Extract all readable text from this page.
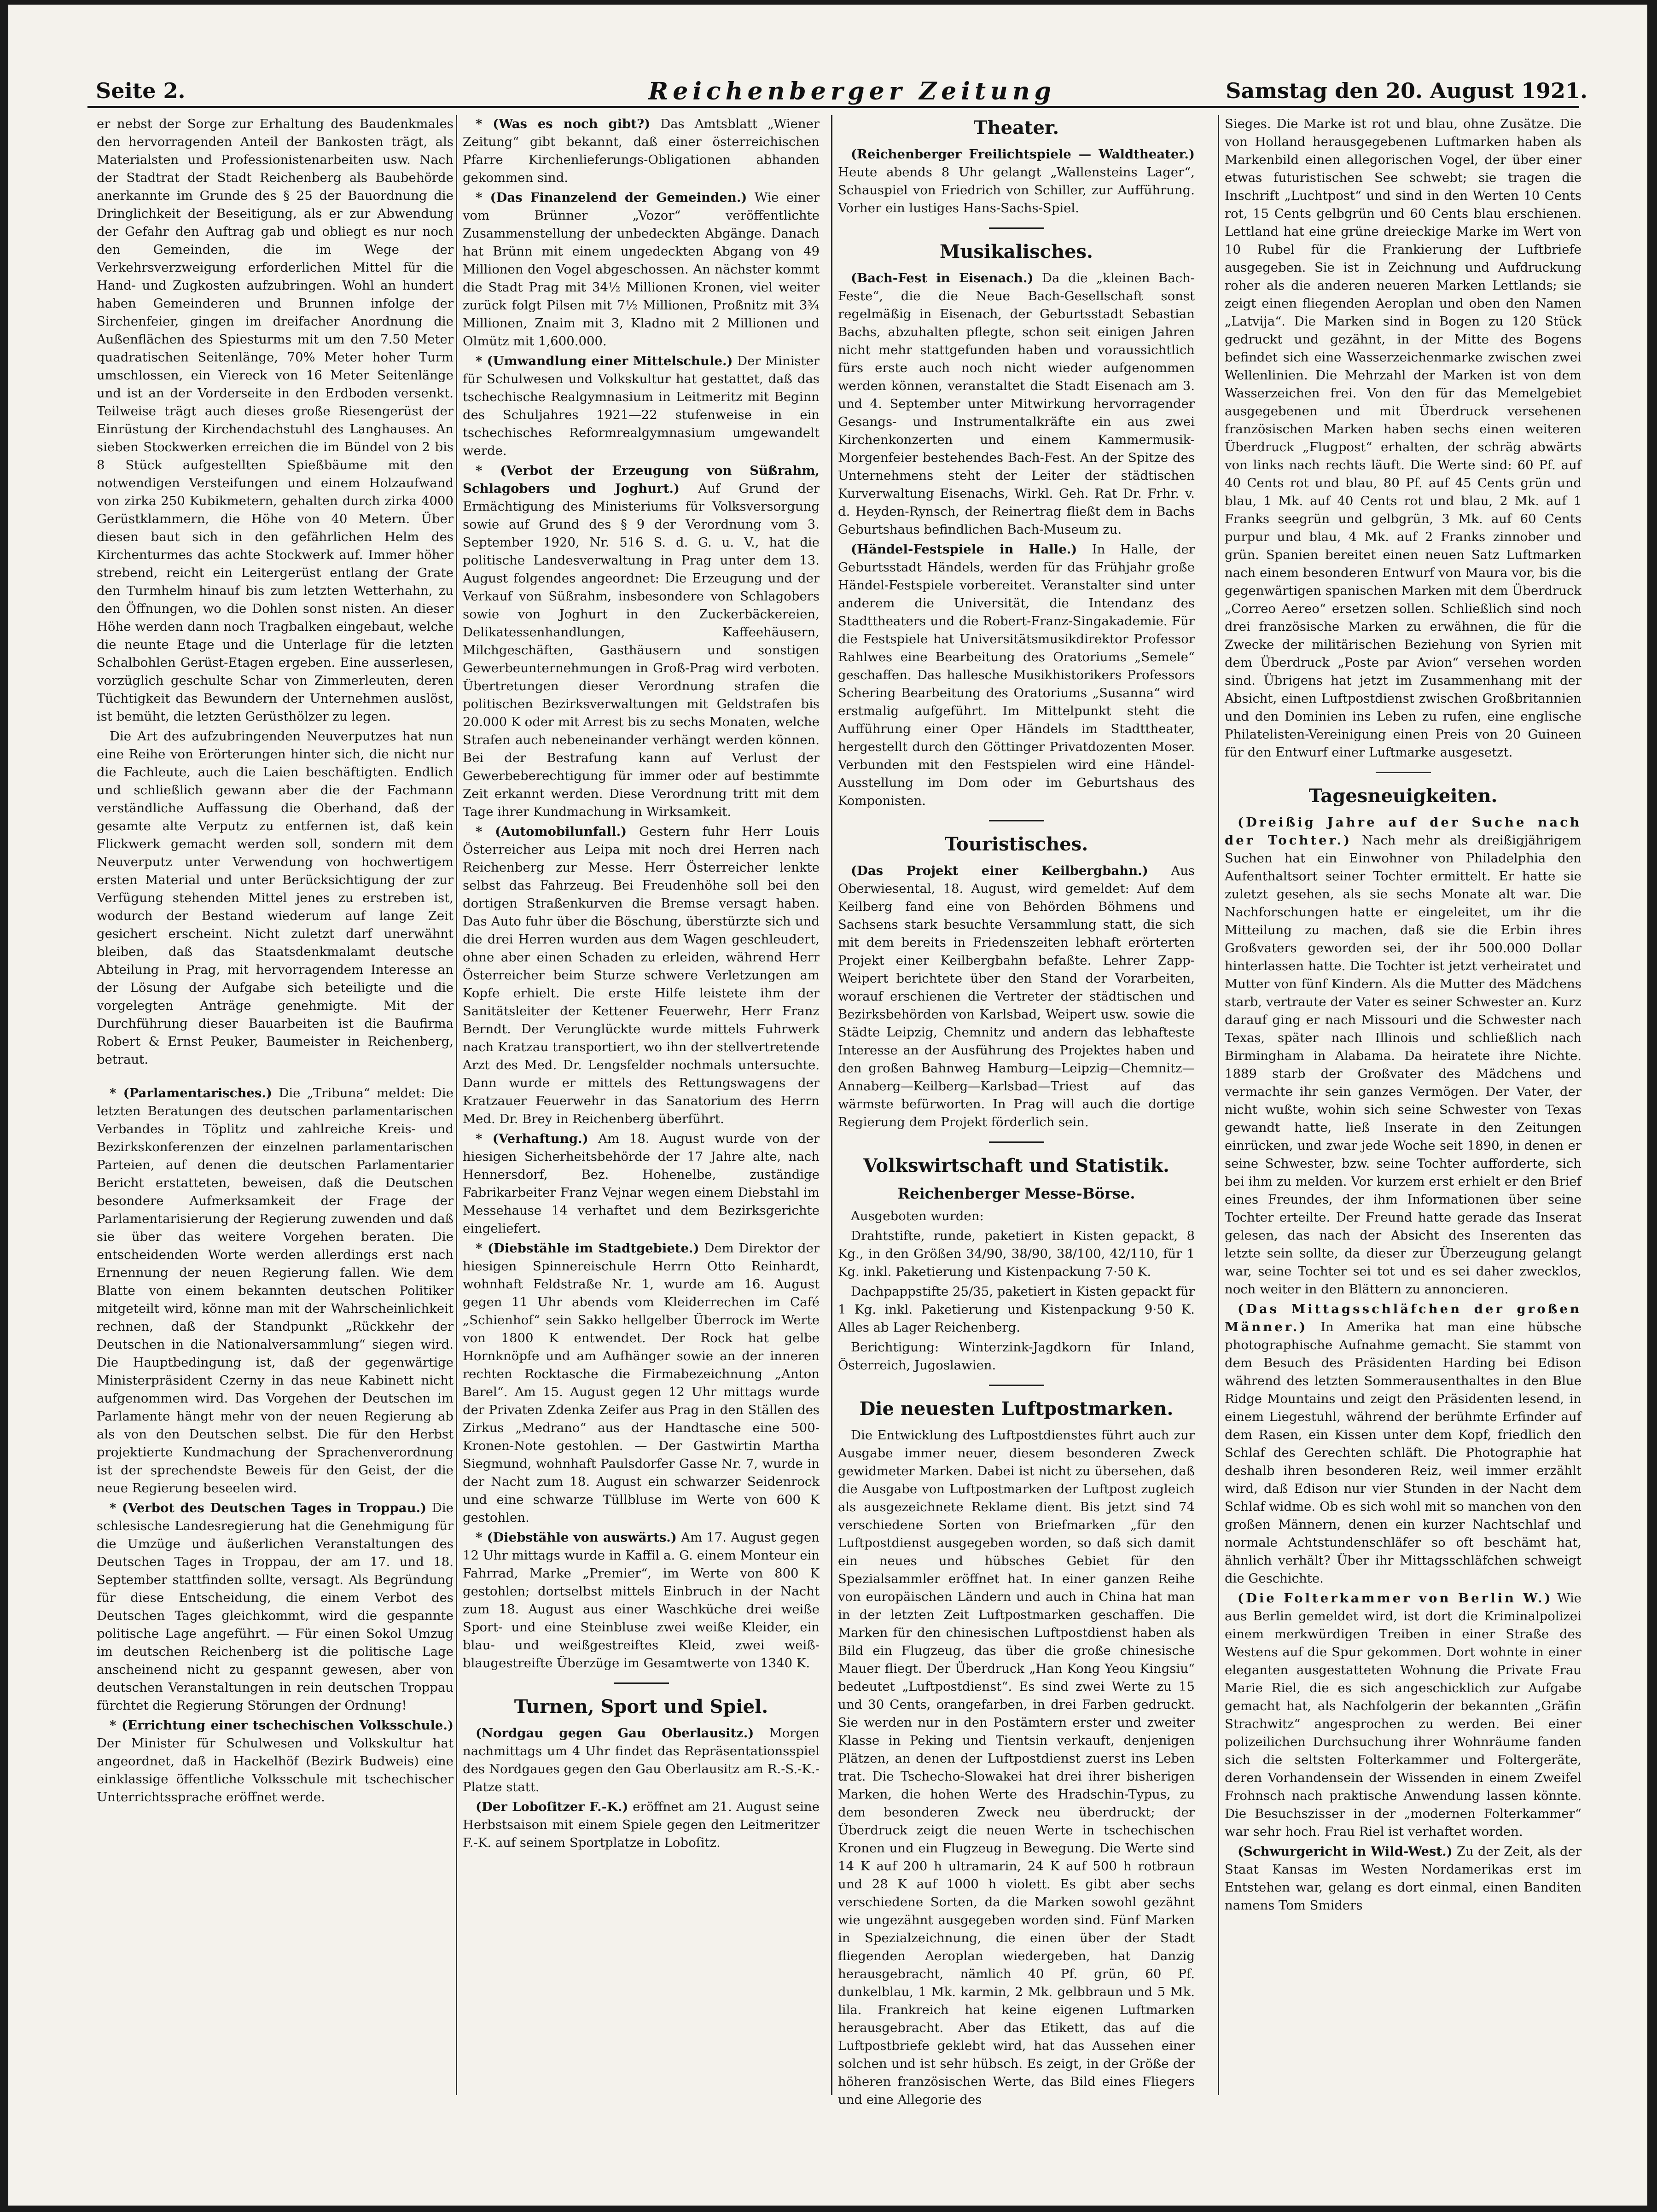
Seite 2.	Reichenberger Zeitung	Samstag den 20. August 1921.

er nebst der Sorge zur Erhaltung des Baudenkmales den hervorragenden Anteil der Bankosten trägt, als Materialsten und Professionistenarbeiten usw. Nach der Stadtrat der Stadt Reichenberg als Baubehörde anerkannte im Grunde des § 25 der Bauordnung die Dringlichkeit der Beseitigung, als er zur Abwendung der Gefahr den Auftrag gab und obliegt es nur noch den Gemeinden, die im Wege der Verkehrsverzweigung erforderlichen Mittel für die Hand- und Zugkosten aufzubringen. Wohl an hundert haben Gemeinderen und Brunnen infolge der Sirchenfeier, gingen im dreifacher Anordnung die Außenflächen des Spiesturms mit um den 7.50 Meter quadratischen Seitenlänge, 70% Meter hoher Turm umschlossen, ein Viereck von 16 Meter Seitenlänge und ist an der Vorderseite in den Erdboden versenkt. Teilweise trägt auch dieses große Riesengerüst der Einrüstung der Kirchendachstuhl des Langhauses. An sieben Stockwerken erreichen die im Bündel von 2 bis 8 Stück aufgestellten Spießbäume mit den notwendigen Versteifungen und einem Holzaufwand von zirka 250 Kubikmetern, gehalten durch zirka 4000 Gerüstklammern, die Höhe von 40 Metern. Über diesen baut sich in den gefährlichen Helm des Kirchenturmes das achte Stockwerk auf. Immer höher strebend, reicht ein Leitergerüst entlang der Grate den Turmhelm hinauf bis zum letzten Wetterhahn, zu den Öffnungen, wo die Dohlen sonst nisten. An dieser Höhe werden dann noch Tragbalken eingebaut, welche die neunte Etage und die Unterlage für die letzten Schalbohlen Gerüst-Etagen ergeben. Eine ausserlesen, vorzüglich geschulte Schar von Zimmerleuten, deren Tüchtigkeit das Bewundern der Unternehmen auslöst, ist bemüht, die letzten Gerüsthölzer zu legen.

Die Art des aufzubringenden Neuverputzes hat nun eine Reihe von Erörterungen hinter sich, die nicht nur die Fachleute, auch die Laien beschäftigten. Endlich und schließlich gewann aber die der Fachmann verständliche Auffassung die Oberhand, daß der gesamte alte Verputz zu entfernen ist, daß kein Flickwerk gemacht werden soll, sondern mit dem Neuverputz unter Verwendung von hochwertigem ersten Material und unter Berücksichtigung der zur Verfügung stehenden Mittel jenes zu erstreben ist, wodurch der Bestand wiederum auf lange Zeit gesichert erscheint. Nicht zuletzt darf unerwähnt bleiben, daß das Staatsdenkmalamt deutsche Abteilung in Prag, mit hervorragendem Interesse an der Lösung der Aufgabe sich beteiligte und die vorgelegten Anträge genehmigte. Mit der Durchführung dieser Bauarbeiten ist die Baufirma Robert & Ernst Peuker, Baumeister in Reichenberg, betraut.

* (Parlamentarisches.) Die „Tribuna“ meldet: Die letzten Beratungen des deutschen parlamentarischen Verbandes in Töplitz und zahlreiche Kreis- und Bezirkskonferenzen der einzelnen parlamentarischen Parteien, auf denen die deutschen Parlamentarier Bericht erstatteten, beweisen, daß die Deutschen besondere Aufmerksamkeit der Frage der Parlamentarisierung der Regierung zuwenden und daß sie über das weitere Vorgehen beraten. Die entscheidenden Worte werden allerdings erst nach Ernennung der neuen Regierung fallen. Wie dem Blatte von einem bekannten deutschen Politiker mitgeteilt wird, könne man mit der Wahrscheinlichkeit rechnen, daß der Standpunkt „Rückkehr der Deutschen in die Nationalversammlung“ siegen wird. Die Hauptbedingung ist, daß der gegenwärtige Ministerpräsident Czerny in das neue Kabinett nicht aufgenommen wird. Das Vorgehen der Deutschen im Parlamente hängt mehr von der neuen Regierung ab als von den Deutschen selbst. Die für den Herbst projektierte Kundmachung der Sprachenverordnung ist der sprechendste Beweis für den Geist, der die neue Regierung beseelen wird.

* (Verbot des Deutschen Tages in Troppau.) Die schlesische Landesregierung hat die Genehmigung für die Umzüge und äußerlichen Veranstaltungen des Deutschen Tages in Troppau, der am 17. und 18. September stattfinden sollte, versagt. Als Begründung für diese Entscheidung, die einem Verbot des Deutschen Tages gleichkommt, wird die gespannte politische Lage angeführt. — Für einen Sokol Umzug im deutschen Reichenberg ist die politische Lage anscheinend nicht zu gespannt gewesen, aber von deutschen Veranstaltungen in rein deutschen Troppau fürchtet die Regierung Störungen der Ordnung!

* (Errichtung einer tschechischen Volksschule.) Der Minister für Schulwesen und Volkskultur hat angeordnet, daß in Hackelhöf (Bezirk Budweis) eine einklassige öffentliche Volksschule mit tschechischer Unterrichtssprache eröffnet werde.

* (Was es noch gibt?) Das Amtsblatt „Wiener Zeitung“ gibt bekannt, daß einer österreichischen Pfarre Kirchenlieferungs-Obligationen abhanden gekommen sind.

* (Das Finanzelend der Gemeinden.) Wie einer vom Brünner „Vozor“ veröffentlichte Zusammenstellung der unbedeckten Abgänge. Danach hat Brünn mit einem ungedeckten Abgang von 49 Millionen den Vogel abgeschossen. An nächster kommt die Stadt Prag mit 34½ Millionen Kronen, viel weiter zurück folgt Pilsen mit 7½ Millionen, Proßnitz mit 3¾ Millionen, Znaim mit 3, Kladno mit 2 Millionen und Olmütz mit 1,600.000.

* (Umwandlung einer Mittelschule.) Der Minister für Schulwesen und Volkskultur hat gestattet, daß das tschechische Realgymnasium in Leitmeritz mit Beginn des Schuljahres 1921—22 stufenweise in ein tschechisches Reformrealgymnasium umgewandelt werde.

* (Verbot der Erzeugung von Süßrahm, Schlagobers und Joghurt.) Auf Grund der Ermächtigung des Ministeriums für Volksversorgung sowie auf Grund des § 9 der Verordnung vom 3. September 1920, Nr. 516 S. d. G. u. V., hat die politische Landesverwaltung in Prag unter dem 13. August folgendes angeordnet: Die Erzeugung und der Verkauf von Süßrahm, insbesondere von Schlagobers sowie von Joghurt in den Zuckerbäckereien, Delikatessenhandlungen, Kaffeehäusern, Milchgeschäften, Gasthäusern und sonstigen Gewerbeunternehmungen in Groß-Prag wird verboten. Übertretungen dieser Verordnung strafen die politischen Bezirksverwaltungen mit Geldstrafen bis 20.000 K oder mit Arrest bis zu sechs Monaten, welche Strafen auch nebeneinander verhängt werden können. Bei der Bestrafung kann auf Verlust der Gewerbeberechtigung für immer oder auf bestimmte Zeit erkannt werden. Diese Verordnung tritt mit dem Tage ihrer Kundmachung in Wirksamkeit.

* (Automobilunfall.) Gestern fuhr Herr Louis Österreicher aus Leipa mit noch drei Herren nach Reichenberg zur Messe. Herr Österreicher lenkte selbst das Fahrzeug. Bei Freudenhöhe soll bei den dortigen Straßenkurven die Bremse versagt haben. Das Auto fuhr über die Böschung, überstürzte sich und die drei Herren wurden aus dem Wagen geschleudert, ohne aber einen Schaden zu erleiden, während Herr Österreicher beim Sturze schwere Verletzungen am Kopfe erhielt. Die erste Hilfe leistete ihm der Sanitätsleiter der Kettener Feuerwehr, Herr Franz Berndt. Der Verunglückte wurde mittels Fuhrwerk nach Kratzau transportiert, wo ihn der stellvertretende Arzt des Med. Dr. Lengsfelder nochmals untersuchte. Dann wurde er mittels des Rettungswagens der Kratzauer Feuerwehr in das Sanatorium des Herrn Med. Dr. Brey in Reichenberg überführt.

* (Verhaftung.) Am 18. August wurde von der hiesigen Sicherheitsbehörde der 17 Jahre alte, nach Hennersdorf, Bez. Hohenelbe, zuständige Fabrikarbeiter Franz Vejnar wegen einem Diebstahl im Messehause 14 verhaftet und dem Bezirksgerichte eingeliefert.

* (Diebstähle im Stadtgebiete.) Dem Direktor der hiesigen Spinnereischule Herrn Otto Reinhardt, wohnhaft Feldstraße Nr. 1, wurde am 16. August gegen 11 Uhr abends vom Kleiderrechen im Café „Schienhof“ sein Sakko hellgelber Überrock im Werte von 1800 K entwendet. Der Rock hat gelbe Hornknöpfe und am Aufhänger sowie an der inneren rechten Rocktasche die Firmabezeichnung „Anton Barel“. Am 15. August gegen 12 Uhr mittags wurde der Privaten Zdenka Zeifer aus Prag in den Ställen des Zirkus „Medrano“ aus der Handtasche eine 500-Kronen-Note gestohlen. — Der Gastwirtin Martha Siegmund, wohnhaft Paulsdorfer Gasse Nr. 7, wurde in der Nacht zum 18. August ein schwarzer Seidenrock und eine schwarze Tüllbluse im Werte von 600 K gestohlen.

* (Diebstähle von auswärts.) Am 17. August gegen 12 Uhr mittags wurde in Kaffil a. G. einem Monteur ein Fahrrad, Marke „Premier“, im Werte von 800 K gestohlen; dortselbst mittels Einbruch in der Nacht zum 18. August aus einer Waschküche drei weiße Sport- und eine Steinbluse zwei weiße Kleider, ein blau- und weißgestreiftes Kleid, zwei weiß-blaugestreifte Überzüge im Gesamtwerte von 1340 K.

Turnen, Sport und Spiel.

(Nordgau gegen Gau Oberlausitz.) Morgen nachmittags um 4 Uhr findet das Repräsentationsspiel des Nordgaues gegen den Gau Oberlausitz am R.-S.-K.-Platze statt.

(Der Loboſitzer F.-K.) eröffnet am 21. August seine Herbstsaison mit einem Spiele gegen den Leitmeritzer F.-K. auf seinem Sportplatze in Loboſitz.

Theater.

(Reichenberger Freilichtspiele — Waldtheater.) Heute abends 8 Uhr gelangt „Wallensteins Lager“, Schauspiel von Friedrich von Schiller, zur Aufführung. Vorher ein lustiges Hans-Sachs-Spiel.

Musikalisches.

(Bach-Fest in Eisenach.) Da die „kleinen Bach-Feste“, die die Neue Bach-Gesellschaft sonst regelmäßig in Eisenach, der Geburtsstadt Sebastian Bachs, abzuhalten pflegte, schon seit einigen Jahren nicht mehr stattgefunden haben und voraussichtlich fürs erste auch noch nicht wieder aufgenommen werden können, veranstaltet die Stadt Eisenach am 3. und 4. September unter Mitwirkung hervorragender Gesangs- und Instrumentalkräfte ein aus zwei Kirchenkonzerten und einem Kammermusik-Morgenfeier bestehendes Bach-Fest. An der Spitze des Unternehmens steht der Leiter der städtischen Kurverwaltung Eisenachs, Wirkl. Geh. Rat Dr. Frhr. v. d. Heyden-Rynsch, der Reinertrag fließt dem in Bachs Geburtshaus befindlichen Bach-Museum zu.

(Händel-Festspiele in Halle.) In Halle, der Geburtsstadt Händels, werden für das Frühjahr große Händel-Festspiele vorbereitet. Veranstalter sind unter anderem die Universität, die Intendanz des Stadttheaters und die Robert-Franz-Singakademie. Für die Festspiele hat Universitätsmusikdirektor Professor Rahlwes eine Bearbeitung des Oratoriums „Semele“ geschaffen. Das hallesche Musikhistorikers Professors Schering Bearbeitung des Oratoriums „Susanna“ wird erstmalig aufgeführt. Im Mittelpunkt steht die Aufführung einer Oper Händels im Stadttheater, hergestellt durch den Göttinger Privatdozenten Moser. Verbunden mit den Festspielen wird eine Händel-Ausstellung im Dom oder im Geburtshaus des Komponisten.

Touristisches.

(Das Projekt einer Keilbergbahn.) Aus Oberwiesental, 18. August, wird gemeldet: Auf dem Keilberg fand eine von Behörden Böhmens und Sachsens stark besuchte Versammlung statt, die sich mit dem bereits in Friedenszeiten lebhaft erörterten Projekt einer Keilbergbahn befaßte. Lehrer Zapp-Weipert berichtete über den Stand der Vorarbeiten, worauf erschienen die Vertreter der städtischen und Bezirksbehörden von Karlsbad, Weipert usw. sowie die Städte Leipzig, Chemnitz und andern das lebhafteste Interesse an der Ausführung des Projektes haben und den großen Bahnweg Hamburg—Leipzig—Chemnitz—Annaberg—Keilberg—Karlsbad—Triest auf das wärmste befürworten. In Prag will auch die dortige Regierung dem Projekt förderlich sein.

Volkswirtschaft und Statistik.
Reichenberger Messe-Börse.

Ausgeboten wurden:

Drahtstifte, runde, paketiert in Kisten gepackt, 8 Kg., in den Größen 34/90, 38/90, 38/100, 42/110, für 1 Kg. inkl. Paketierung und Kistenpackung 7·50 K.

Dachpappstifte 25/35, paketiert in Kisten gepackt für 1 Kg. inkl. Paketierung und Kistenpackung 9·50 K. Alles ab Lager Reichenberg.

Berichtigung: Winterzink-Jagdkorn für Inland, Österreich, Jugoslawien.

Die neuesten Luftpostmarken.

Die Entwicklung des Luftpostdienstes führt auch zur Ausgabe immer neuer, diesem besonderen Zweck gewidmeter Marken. Dabei ist nicht zu übersehen, daß die Ausgabe von Luftpostmarken der Luftpost zugleich als ausgezeichnete Reklame dient. Bis jetzt sind 74 verschiedene Sorten von Briefmarken „für den Luftpostdienst ausgegeben worden, so daß sich damit ein neues und hübsches Gebiet für den Spezialsammler eröffnet hat. In einer ganzen Reihe von europäischen Ländern und auch in China hat man in der letzten Zeit Luftpostmarken geschaffen. Die Marken für den chinesischen Luftpostdienst haben als Bild ein Flugzeug, das über die große chinesische Mauer fliegt. Der Überdruck „Han Kong Yeou Kingsiu“ bedeutet „Luftpostdienst“. Es sind zwei Werte zu 15 und 30 Cents, orangefarben, in drei Farben gedruckt. Sie werden nur in den Postämtern erster und zweiter Klasse in Peking und Tientsin verkauft, denjenigen Plätzen, an denen der Luftpostdienst zuerst ins Leben trat. Die Tschecho-Slowakei hat drei ihrer bisherigen Marken, die hohen Werte des Hradschin-Typus, zu dem besonderen Zweck neu überdruckt; der Überdruck zeigt die neuen Werte in tschechischen Kronen und ein Flugzeug in Bewegung. Die Werte sind 14 K auf 200 h ultramarin, 24 K auf 500 h rotbraun und 28 K auf 1000 h violett. Es gibt aber sechs verschiedene Sorten, da die Marken sowohl gezähnt wie ungezähnt ausgegeben worden sind. Fünf Marken in Spezialzeichnung, die einen über der Stadt fliegenden Aeroplan wiedergeben, hat Danzig herausgebracht, nämlich 40 Pf. grün, 60 Pf. dunkelblau, 1 Mk. karmin, 2 Mk. gelbbraun und 5 Mk. lila. Frankreich hat keine eigenen Luftmarken herausgebracht. Aber das Etikett, das auf die Luftpostbriefe geklebt wird, hat das Aussehen einer solchen und ist sehr hübsch. Es zeigt, in der Größe der höheren französischen Werte, das Bild eines Fliegers und eine Allegorie des

Sieges. Die Marke ist rot und blau, ohne Zusätze. Die von Holland herausgegebenen Luftmarken haben als Markenbild einen allegorischen Vogel, der über einer etwas futuristischen See schwebt; sie tragen die Inschrift „Luchtpost“ und sind in den Werten 10 Cents rot, 15 Cents gelbgrün und 60 Cents blau erschienen. Lettland hat eine grüne dreieckige Marke im Wert von 10 Rubel für die Frankierung der Luftbriefe ausgegeben. Sie ist in Zeichnung und Aufdruckung roher als die anderen neueren Marken Lettlands; sie zeigt einen fliegenden Aeroplan und oben den Namen „Latvija“. Die Marken sind in Bogen zu 120 Stück gedruckt und gezähnt, in der Mitte des Bogens befindet sich eine Wasserzeichenmarke zwischen zwei Wellenlinien. Die Mehrzahl der Marken ist von dem Wasserzeichen frei. Von den für das Memelgebiet ausgegebenen und mit Überdruck versehenen französischen Marken haben sechs einen weiteren Überdruck „Flugpost“ erhalten, der schräg abwärts von links nach rechts läuft. Die Werte sind: 60 Pf. auf 40 Cents rot und blau, 80 Pf. auf 45 Cents grün und blau, 1 Mk. auf 40 Cents rot und blau, 2 Mk. auf 1 Franks seegrün und gelbgrün, 3 Mk. auf 60 Cents purpur und blau, 4 Mk. auf 2 Franks zinnober und grün. Spanien bereitet einen neuen Satz Luftmarken nach einem besonderen Entwurf von Maura vor, bis die gegenwärtigen spanischen Marken mit dem Überdruck „Correo Aereo“ ersetzen sollen. Schließlich sind noch drei französische Marken zu erwähnen, die für die Zwecke der militärischen Beziehung von Syrien mit dem Überdruck „Poste par Avion“ versehen worden sind. Übrigens hat jetzt im Zusammenhang mit der Absicht, einen Luftpostdienst zwischen Großbritannien und den Dominien ins Leben zu rufen, eine englische Philatelisten-Vereinigung einen Preis von 20 Guineen für den Entwurf einer Luftmarke ausgesetzt.

Tagesneuigkeiten.

(Dreißig Jahre auf der Suche nach der Tochter.) Nach mehr als dreißigjährigem Suchen hat ein Einwohner von Philadelphia den Aufenthaltsort seiner Tochter ermittelt. Er hatte sie zuletzt gesehen, als sie sechs Monate alt war. Die Nachforschungen hatte er eingeleitet, um ihr die Mitteilung zu machen, daß sie die Erbin ihres Großvaters geworden sei, der ihr 500.000 Dollar hinterlassen hatte. Die Tochter ist jetzt verheiratet und Mutter von fünf Kindern. Als die Mutter des Mädchens starb, vertraute der Vater es seiner Schwester an. Kurz darauf ging er nach Missouri und die Schwester nach Texas, später nach Illinois und schließlich nach Birmingham in Alabama. Da heiratete ihre Nichte. 1889 starb der Großvater des Mädchens und vermachte ihr sein ganzes Vermögen. Der Vater, der nicht wußte, wohin sich seine Schwester von Texas gewandt hatte, ließ Inserate in den Zeitungen einrücken, und zwar jede Woche seit 1890, in denen er seine Schwester, bzw. seine Tochter aufforderte, sich bei ihm zu melden. Vor kurzem erst erhielt er den Brief eines Freundes, der ihm Informationen über seine Tochter erteilte. Der Freund hatte gerade das Inserat gelesen, das nach der Absicht des Inserenten das letzte sein sollte, da dieser zur Überzeugung gelangt war, seine Tochter sei tot und es sei daher zwecklos, noch weiter in den Blättern zu annoncieren.

(Das Mittagsschläfchen der großen Männer.) In Amerika hat man eine hübsche photographische Aufnahme gemacht. Sie stammt von dem Besuch des Präsidenten Harding bei Edison während des letzten Sommerausenthaltes in den Blue Ridge Mountains und zeigt den Präsidenten lesend, in einem Liegestuhl, während der berühmte Erfinder auf dem Rasen, ein Kissen unter dem Kopf, friedlich den Schlaf des Gerechten schläft. Die Photographie hat deshalb ihren besonderen Reiz, weil immer erzählt wird, daß Edison nur vier Stunden in der Nacht dem Schlaf widme. Ob es sich wohl mit so manchen von den großen Männern, denen ein kurzer Nachtschlaf und normale Achtstundenschläfer so oft beschämt hat, ähnlich verhält? Über ihr Mittagsschläfchen schweigt die Geschichte.

(Die Folterkammer von Berlin W.) Wie aus Berlin gemeldet wird, ist dort die Kriminalpolizei einem merkwürdigen Treiben in einer Straße des Westens auf die Spur gekommen. Dort wohnte in einer eleganten ausgestatteten Wohnung die Private Frau Marie Riel, die es sich angeschicklich zur Aufgabe gemacht hat, als Nachfolgerin der bekannten „Gräfin Strachwitz“ angesprochen zu werden. Bei einer polizeilichen Durchsuchung ihrer Wohnräume fanden sich die seltsten Folterkammer und Foltergeräte, deren Vorhandensein der Wissenden in einem Zweifel Frohnsch nach praktische Anwendung lassen könnte. Die Besuchszisser in der „modernen Folterkammer“ war sehr hoch. Frau Riel ist verhaftet worden.

(Schwurgericht in Wild-West.) Zu der Zeit, als der Staat Kansas im Westen Nordamerikas erst im Entstehen war, gelang es dort einmal, einen Banditen namens Tom Smiders
